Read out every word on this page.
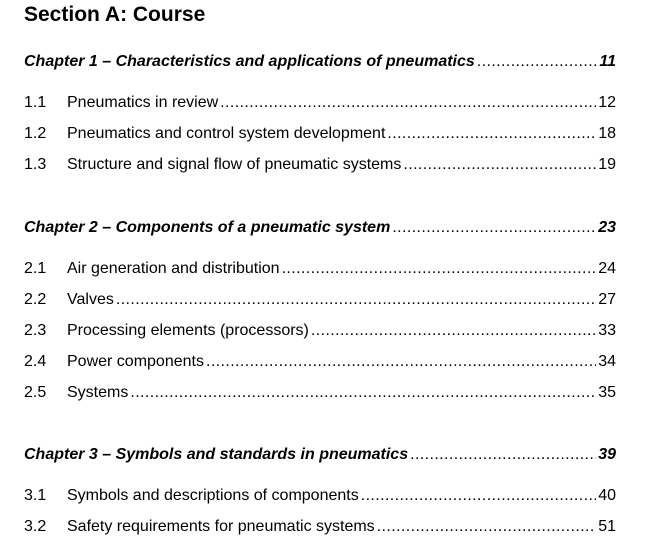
Section A: Course
Chapter 1 – Characteristics and applications of pneumatics .....	11
1.1	Pneumatics in review .....	12
1.2	Pneumatics and control system development .....	18
1.3	Structure and signal flow of pneumatic systems .....	19
Chapter 2 – Components of a pneumatic system .....	23
2.1	Air generation and distribution .....	24
2.2	Valves .....	27
2.3	Processing elements (processors) .....	33
2.4	Power components .....	34
2.5	Systems .....	35
Chapter 3 – Symbols and standards in pneumatics .....	39
3.1	Symbols and descriptions of components .....	40
3.2	Safety requirements for pneumatic systems .....	51
